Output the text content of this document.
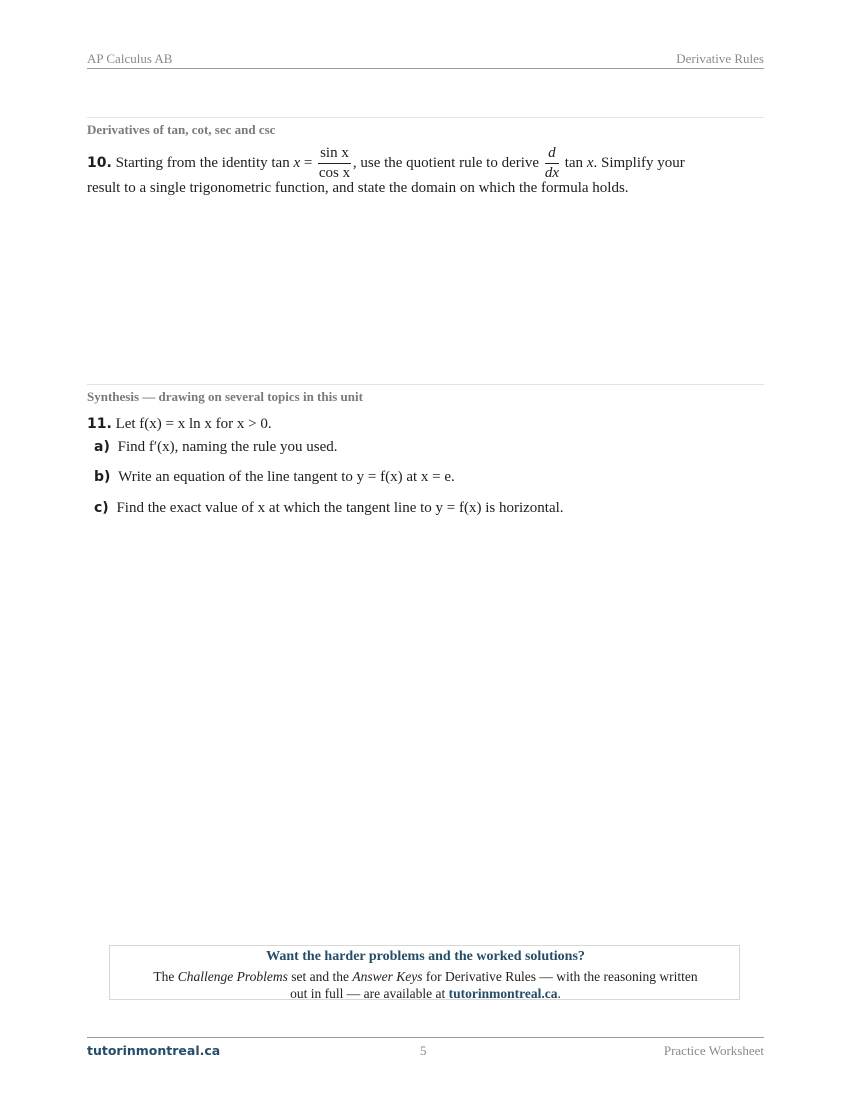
AP Calculus AB	Derivative Rules
Derivatives of tan, cot, sec and csc
10. Starting from the identity $\tan x = \frac{\text{sin x}}{\text{cos x}}$ , use the quotient rule to derive $\frac{d}{dx}$ tan x. Simplify your
result to a single trigonometric function, and state the domain on which the formula holds.
Synthesis — drawing on several topics in this unit
11. Let f(x) = x ln x for x > 0.
a) Find f′(x), naming the rule you used.
b) Write an equation of the line tangent to y = f(x) at x = e.
c) Find the exact value of x at which the tangent line to y = f(x) is horizontal.
Want the harder problems and the worked solutions?
The Challenge Problems set and the Answer Keys for Derivative Rules — with the reasoning written
out in full — are available at tutorinmontreal.ca.
tutorinmontreal.ca	5	Practice Worksheet
